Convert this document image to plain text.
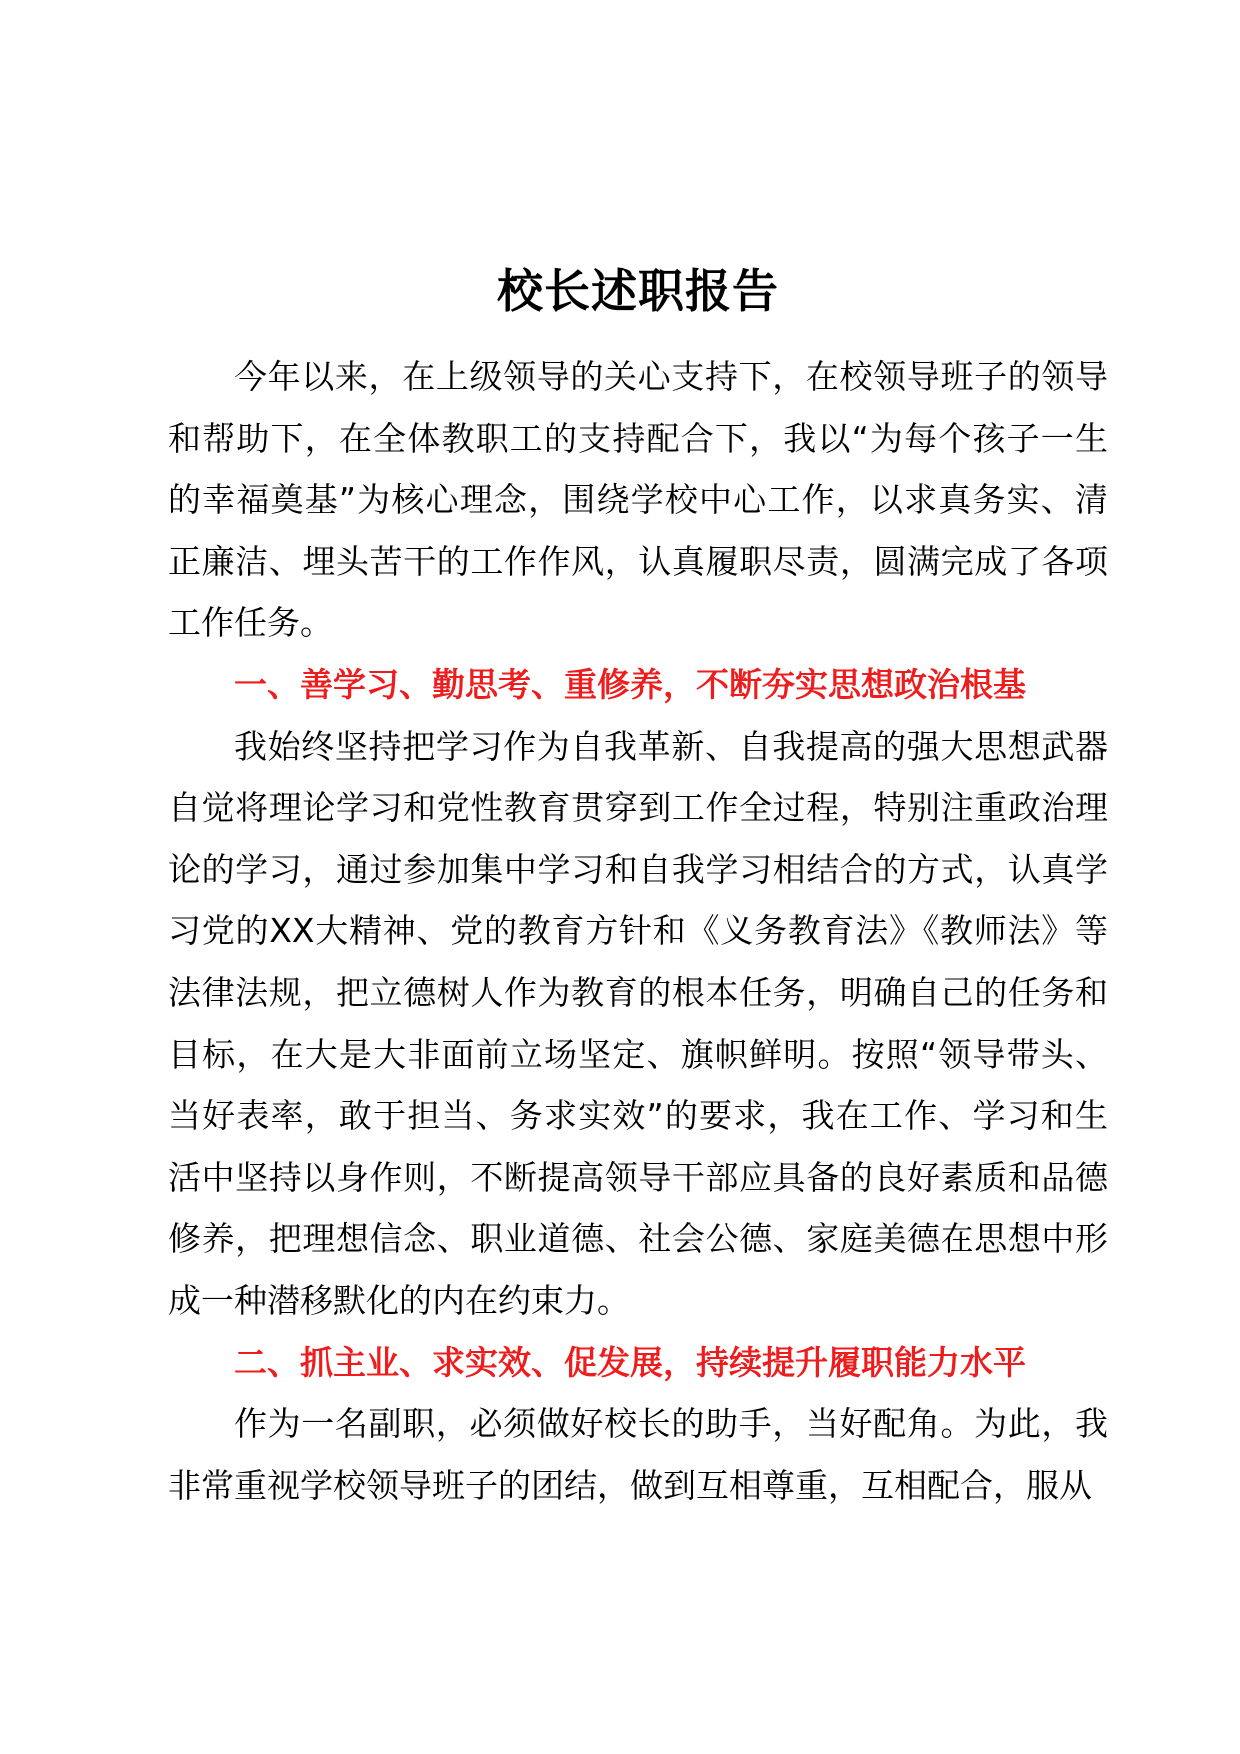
校长述职报告

今年以来，在上级领导的关心支持下，在校领导班子的领导和帮助下，在全体教职工的支持配合下，我以“为每个孩子一生的幸福奠基”为核心理念，围绕学校中心工作，以求真务实、清正廉洁、埋头苦干的工作作风，认真履职尽责，圆满完成了各项工作任务。

一、善学习、勤思考、重修养，不断夯实思想政治根基

我始终坚持把学习作为自我革新、自我提高的强大思想武器自觉将理论学习和党性教育贯穿到工作全过程，特别注重政治理论的学习，通过参加集中学习和自我学习相结合的方式，认真学习党的XX大精神、党的教育方针和《义务教育法》《教师法》等法律法规，把立德树人作为教育的根本任务，明确自己的任务和目标，在大是大非面前立场坚定、旗帜鲜明。按照“领导带头、当好表率，敢于担当、务求实效”的要求，我在工作、学习和生活中坚持以身作则，不断提高领导干部应具备的良好素质和品德修养，把理想信念、职业道德、社会公德、家庭美德在思想中形成一种潜移默化的内在约束力。

二、抓主业、求实效、促发展，持续提升履职能力水平

作为一名副职，必须做好校长的助手，当好配角。为此，我非常重视学校领导班子的团结，做到互相尊重，互相配合，服从
